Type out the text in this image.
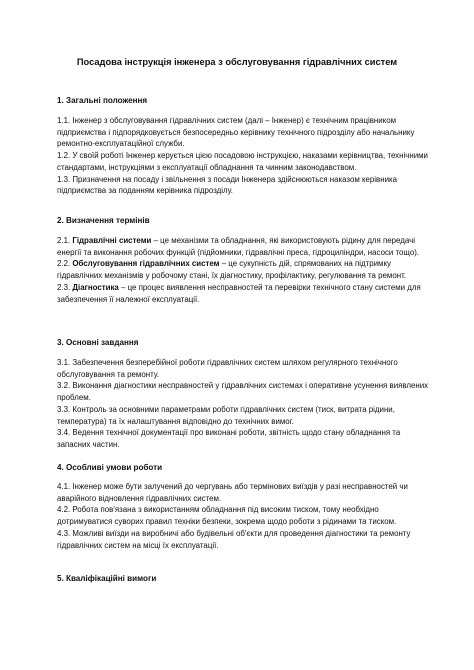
Посадова інструкція інженера з обслуговування гідравлічних систем
1. Загальні положення

1.1. Інженер з обслуговування гідравлічних систем (далі – Інженер) є технічним працівником підприємства і підпорядковується безпосередньо керівнику технічного підрозділу або начальнику ремонтно-експлуатаційної служби.

1.2. У своїй роботі Інженер керується цією посадовою інструкцією, наказами керівництва, технічними стандартами, інструкціями з експлуатації обладнання та чинним законодавством.

1.3. Призначення на посаду і звільнення з посади Інженера здійснюються наказом керівника підприємства за поданням керівника підрозділу.

2. Визначення термінів

2.1. Гідравлічні системи – це механізми та обладнання, які використовують рідину для передачі енергії та виконання робочих функцій (підйомники, гідравлічні преса, гідроциліндри, насоси тощо).

2.2. Обслуговування гідравлічних систем – це сукупність дій, спрямованих на підтримку гідравлічних механізмів у робочому стані, їх діагностику, профілактику, регулювання та ремонт.

2.3. Діагностика – це процес виявлення несправностей та перевірки технічного стану системи для забезпечення її належної експлуатації.

3. Основні завдання

3.1. Забезпечення безперебійної роботи гідравлічних систем шляхом регулярного технічного обслуговування та ремонту.

3.2. Виконання діагностики несправностей у гідравлічних системах і оперативне усунення виявлених проблем.

3.3. Контроль за основними параметрами роботи гідравлічних систем (тиск, витрата рідини, температура) та їх налаштування відповідно до технічних вимог.

3.4. Ведення технічної документації про виконані роботи, звітність щодо стану обладнання та запасних частин.

4. Особливі умови роботи

4.1. Інженер може бути залучений до чергувань або термінових виїздів у разі несправностей чи аварійного відновлення гідравлічних систем.

4.2. Робота пов'язана з використанням обладнання під високим тиском, тому необхідно дотримуватися суворих правил техніки безпеки, зокрема щодо роботи з рідинами та тиском.

4.3. Можливі виїзди на виробничі або будівельні об'єкти для проведення діагностики та ремонту гідравлічних систем на місці їх експлуатації.

5. Кваліфікаційні вимоги
